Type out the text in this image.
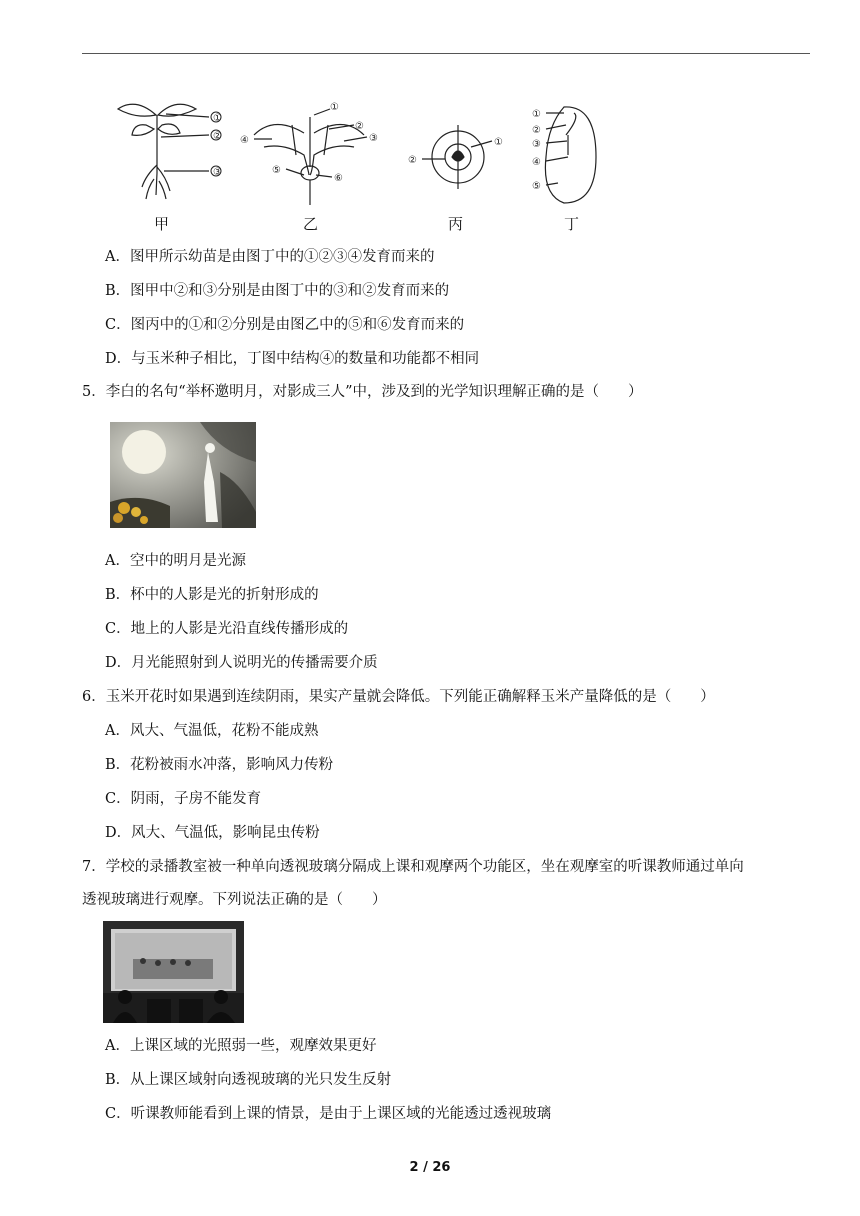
①
②
③
①
②
③
④
⑤
⑥
①
②
①
②
③
④
⑤
甲	乙	丙	丁
A．图甲所示幼苗是由图丁中的①②③④发育而来的
B．图甲中②和③分别是由图丁中的③和②发育而来的
C．图丙中的①和②分别是由图乙中的⑤和⑥发育而来的
D．与玉米种子相比，丁图中结构④的数量和功能都不相同
5．李白的名句“举杯邀明月，对影成三人”中，涉及到的光学知识理解正确的是（　　）
A．空中的明月是光源
B．杯中的人影是光的折射形成的
C．地上的人影是光沿直线传播形成的
D．月光能照射到人说明光的传播需要介质
6．玉米开花时如果遇到连续阴雨，果实产量就会降低。下列能正确解释玉米产量降低的是（　　）
A．风大、气温低，花粉不能成熟
B．花粉被雨水冲落，影响风力传粉
C．阴雨，子房不能发育
D．风大、气温低，影响昆虫传粉
7．学校的录播教室被一种单向透视玻璃分隔成上课和观摩两个功能区，坐在观摩室的听课教师通过单向
透视玻璃进行观摩。下列说法正确的是（　　）
A．上课区域的光照弱一些，观摩效果更好
B．从上课区域射向透视玻璃的光只发生反射
C．听课教师能看到上课的情景，是由于上课区域的光能透过透视玻璃
2 / 26
